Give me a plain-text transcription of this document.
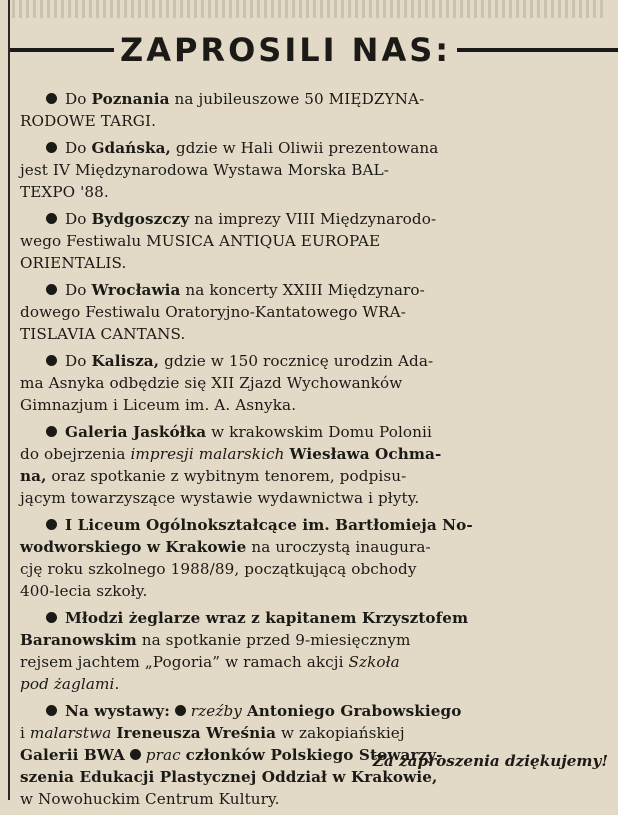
ZAPROSILI NAS:
Do Poznania na jubileuszowe 50 MIĘDZYNA-
RODOWE TARGI.
Do Gdańska, gdzie w Hali Oliwii prezentowana
jest IV Międzynarodowa Wystawa Morska BAL-
TEXPO '88.
Do Bydgoszczy na imprezy VIII Międzynarodo-
wego Festiwalu MUSICA ANTIQUA EUROPAE
ORIENTALIS.
Do Wrocławia na koncerty XXIII Międzynaro-
dowego Festiwalu Oratoryjno-Kantatowego WRA-
TISLAVIA CANTANS.
Do Kalisza, gdzie w 150 rocznicę urodzin Ada-
ma Asnyka odbędzie się XII Zjazd Wychowanków
Gimnazjum i Liceum im. A. Asnyka.
Galeria Jaskółka w krakowskim Domu Polonii
do obejrzenia impresji malarskich Wiesława Ochma-
na, oraz spotkanie z wybitnym tenorem, podpisu-
jącym towarzyszące wystawie wydawnictwa i płyty.
I Liceum Ogólnokształcące im. Bartłomieja No-
wodworskiego w Krakowie na uroczystą inaugura-
cję roku szkolnego 1988/89, początkującą obchody
400-lecia szkoły.
Młodzi żeglarze wraz z kapitanem Krzysztofem
Baranowskim na spotkanie przed 9-miesięcznym
rejsem jachtem „Pogoria” w ramach akcji Szkoła
pod żaglami.
Na wystawy: rzeźby Antoniego Grabowskiego
i malarstwa Ireneusza Wreśnia w zakopiańskiej
Galerii BWA prac członków Polskiego Stowarzy-
szenia Edukacji Plastycznej Oddział w Krakowie,
w Nowohuckim Centrum Kultury.
Za zaproszenia dziękujemy!
